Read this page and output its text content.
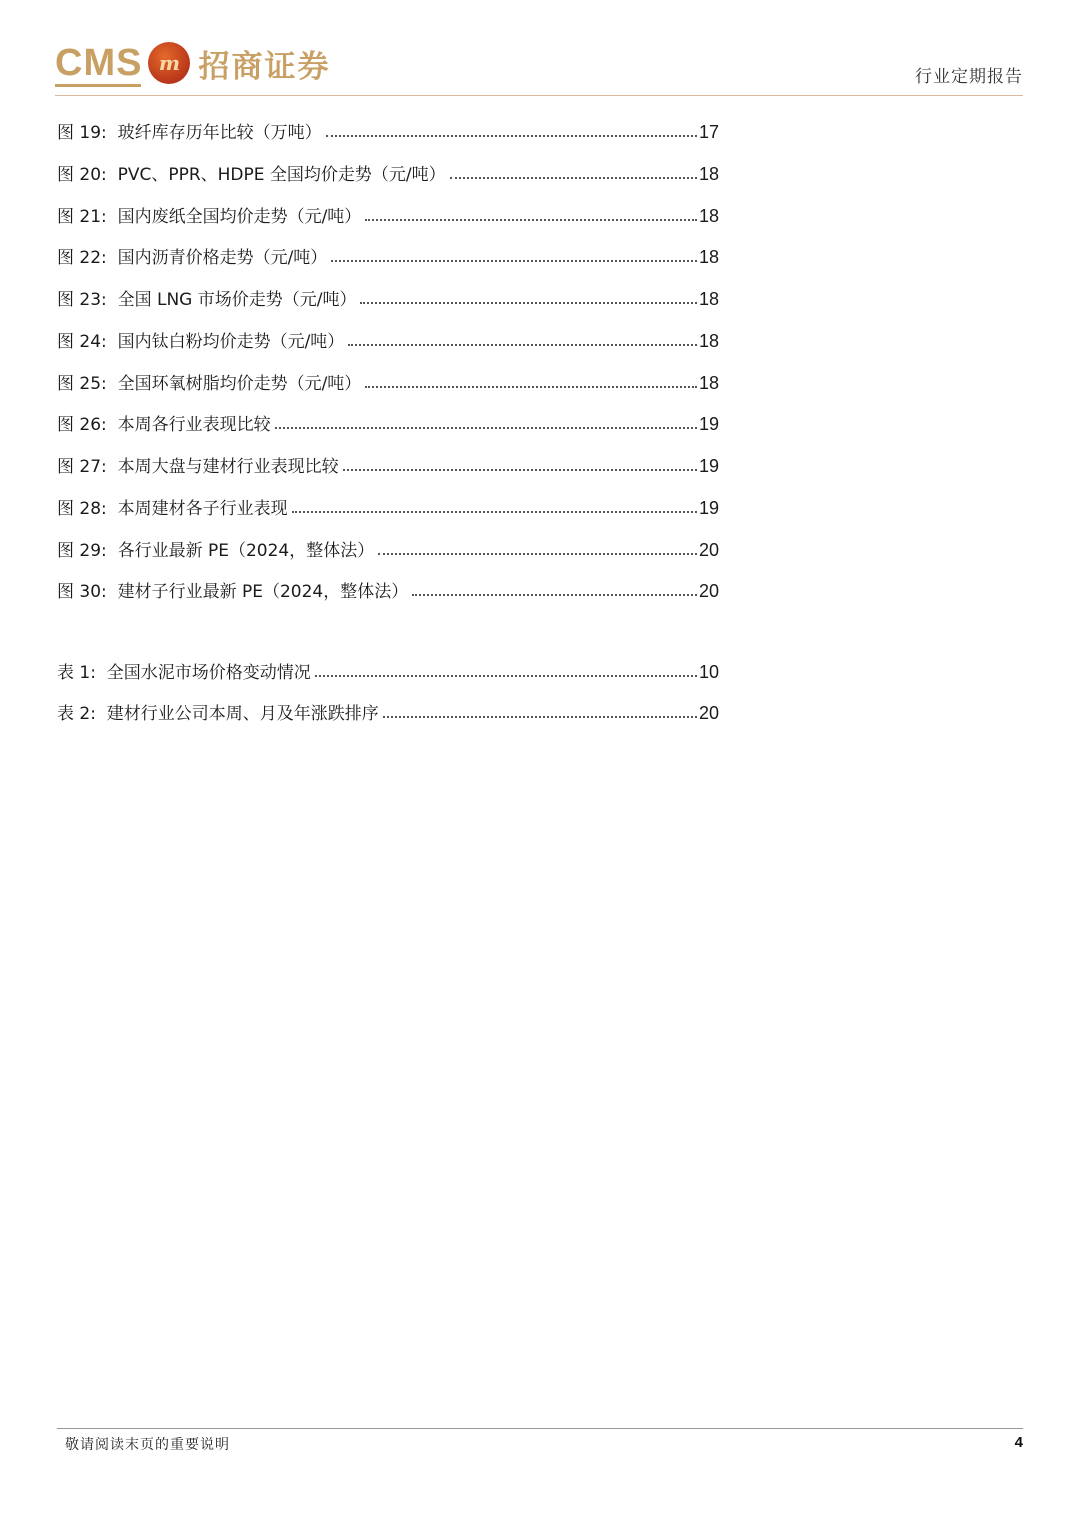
CMS m 招商证券	行业定期报告
图 19: 玻纤库存历年比较（万吨）	17
图 20: PVC、PPR、HDPE 全国均价走势（元/吨）	18
图 21: 国内废纸全国均价走势（元/吨）	18
图 22: 国内沥青价格走势（元/吨）	18
图 23: 全国 LNG 市场价走势（元/吨）	18
图 24: 国内钛白粉均价走势（元/吨）	18
图 25: 全国环氧树脂均价走势（元/吨）	18
图 26: 本周各行业表现比较	19
图 27: 本周大盘与建材行业表现比较	19
图 28: 本周建材各子行业表现	19
图 29: 各行业最新 PE（2024，整体法）	20
图 30: 建材子行业最新 PE（2024，整体法）	20
表 1: 全国水泥市场价格变动情况	10
表 2: 建材行业公司本周、月及年涨跌排序	20
敬请阅读末页的重要说明	4
